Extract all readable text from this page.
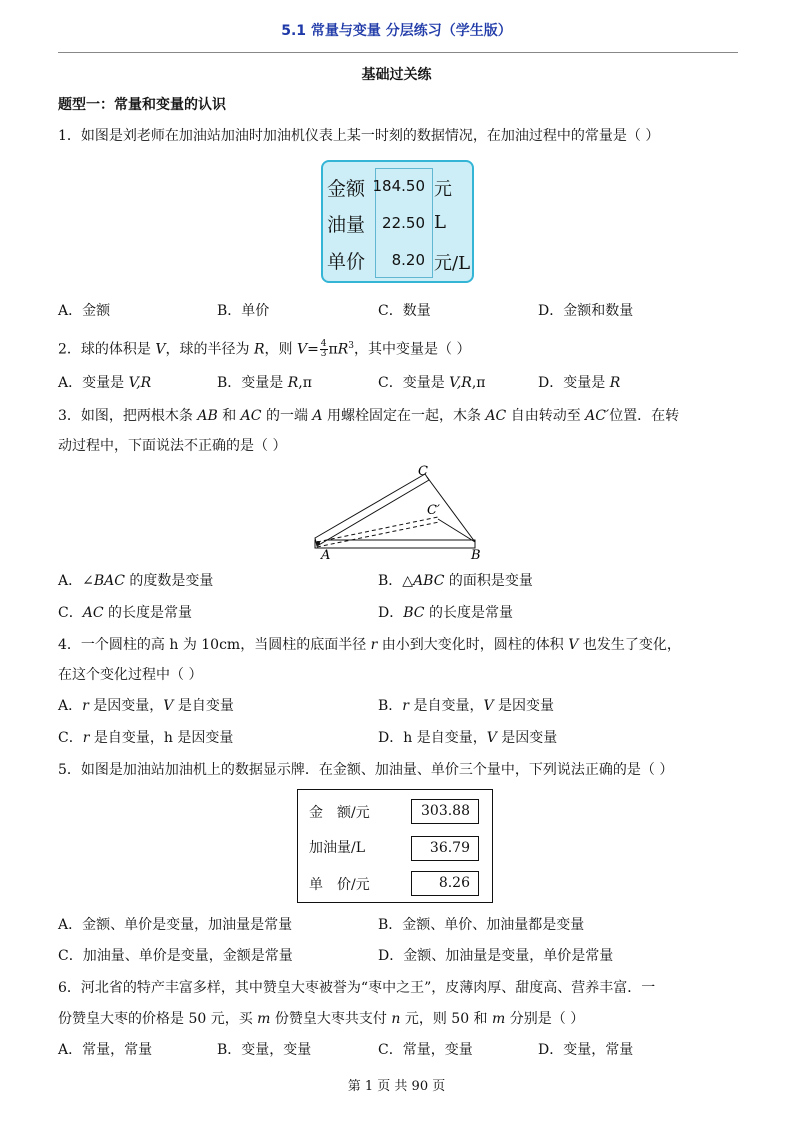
5.1 常量与变量 分层练习（学生版）
基础过关练
题型一：常量和变量的认识
1．如图是刘老师在加油站加油时加油机仪表上某一时刻的数据情况，在加油过程中的常量是（ ）
金额 184.50 元
油量 22.50 L
单价 8.20 元/L
A．金额	B．单价	C．数量	D．金额和数量
2．球的体积是 V，球的半径为 R，则 $V= \frac{4}{3} \pi R^3$，其中变量是（ ）
A．变量是 V,R	B．变量是 R,π	C．变量是 V,R,π	D．变量是 R
3．如图，把两根木条 AB 和 AC 的一端 A 用螺栓固定在一起，木条 AC 自由转动至 AC′位置．在转
动过程中，下面说法不正确的是（ ）
A	B
C
C′
A．∠BAC 的度数是变量	B．△ABC 的面积是变量
C．AC 的长度是常量	D．BC 的长度是常量
4．一个圆柱的高 h 为 10cm，当圆柱的底面半径 r 由小到大变化时，圆柱的体积 V 也发生了变化，
在这个变化过程中（ ）
A．r 是因变量，V 是自变量	B．r 是自变量，V 是因变量
C．r 是自变量，h 是因变量	D．h 是自变量，V 是因变量
5．如图是加油站加油机上的数据显示牌．在金额、加油量、单价三个量中，下列说法正确的是（ ）
金　额/元	303.88
加油量/L	36.79
单　价/元	8.26
A．金额、单价是变量，加油量是常量	B．金额、单价、加油量都是变量
C．加油量、单价是变量，金额是常量	D．金额、加油量是变量，单价是常量
6．河北省的特产丰富多样，其中赞皇大枣被誉为“枣中之王”，皮薄肉厚、甜度高、营养丰富．一
份赞皇大枣的价格是 50 元，买 m 份赞皇大枣共支付 n 元，则 50 和 m 分别是（ ）
A．常量，常量	B．变量，变量	C．常量，变量	D．变量，常量
第 1 页 共 90 页
